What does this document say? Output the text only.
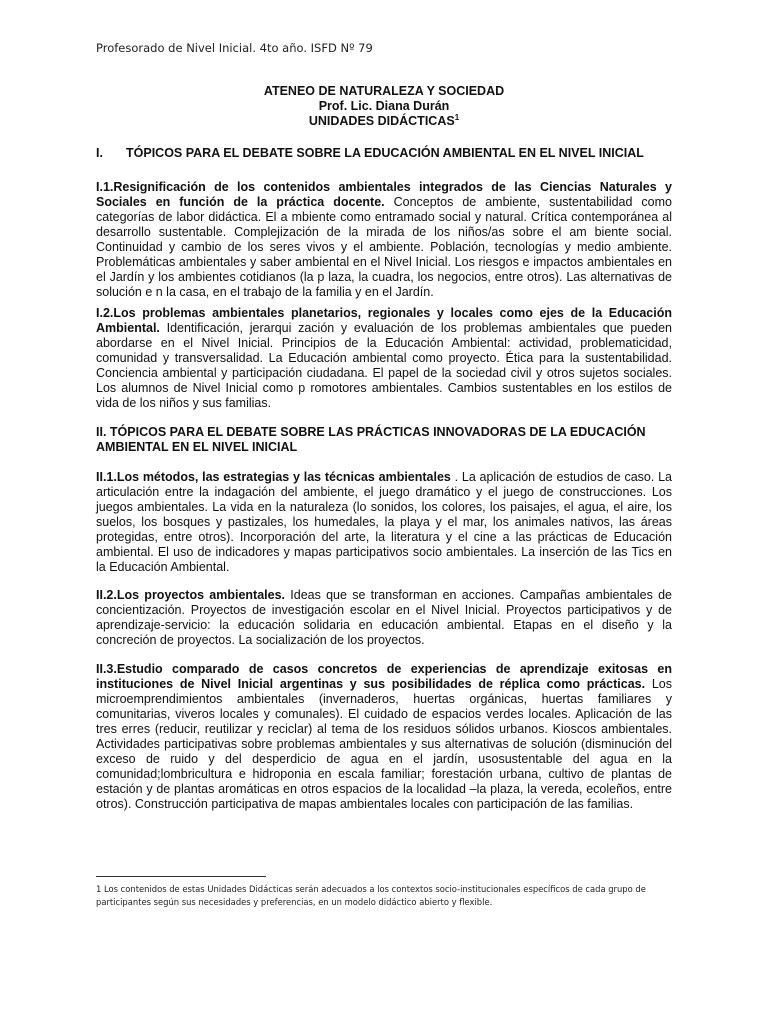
Profesorado de Nivel Inicial. 4to año. ISFD Nº 79
ATENEO DE NATURALEZA Y SOCIEDAD
Prof. Lic. Diana Durán
UNIDADES DIDÁCTICAS$^1$
I. TÓPICOS PARA EL DEBATE SOBRE LA EDUCACIÓN AMBIENTAL EN EL NIVEL INICIAL

I.1.Resignificación de los contenidos ambientales integrados de las Ciencias Naturales y Sociales en función de la práctica docente. Conceptos de ambiente, sustentabilidad como categorías de labor didáctica. El a mbiente como entramado social y natural. Crítica contemporánea al desarrollo sustentable. Complejización de la mirada de los niños/as sobre el am biente social. Continuidad y cambio de los seres vivos y el ambiente. Población, tecnologías y medio ambiente. Problemáticas ambientales y saber ambiental en el Nivel Inicial. Los riesgos e impactos ambientales en el Jardín y los ambientes cotidianos (la p laza, la cuadra, los negocios, entre otros). Las alternativas de solución e n la casa, en el trabajo de la familia y en el Jardín.

I.2.Los problemas ambientales planetarios, regionales y locales como ejes de la Educación Ambiental. Identificación, jerarqui zación y evaluación de los problemas ambientales que pueden abordarse en el Nivel Inicial. Principios de la Educación Ambiental: actividad, problematicidad, comunidad y transversalidad. La Educación ambiental como proyecto. Ética para la sustentabilidad. Conciencia ambiental y participación ciudadana. El papel de la sociedad civil y otros sujetos sociales. Los alumnos de Nivel Inicial como p romotores ambientales. Cambios sustentables en los estilos de vida de los niños y sus familias.

II. TÓPICOS PARA EL DEBATE SOBRE LAS PRÁCTICAS INNOVADORAS DE LA EDUCACIÓN AMBIENTAL EN EL NIVEL INICIAL

II.1.Los métodos, las estrategias y las técnicas ambientales . La aplicación de estudios de caso. La articulación entre la indagación del ambiente, el juego dramático y el juego de construcciones. Los juegos ambientales. La vida en la naturaleza (lo sonidos, los colores, los paisajes, el agua, el aire, los suelos, los bosques y pastizales, los humedales, la playa y el mar, los animales nativos, las áreas protegidas, entre otros). Incorporación del arte, la literatura y el cine a las prácticas de Educación ambiental. El uso de indicadores y mapas participativos socio ambientales. La inserción de las Tics en la Educación Ambiental.

II.2.Los proyectos ambientales. Ideas que se transforman en acciones. Campañas ambientales de concientización. Proyectos de investigación escolar en el Nivel Inicial. Proyectos participativos y de aprendizaje-servicio: la educación solidaria en educación ambiental. Etapas en el diseño y la concreción de proyectos. La socialización de los proyectos.

II.3.Estudio comparado de casos concretos de experiencias de aprendizaje exitosas en instituciones de Nivel Inicial argentinas y sus posibilidades de réplica como prácticas. Los microemprendimientos ambientales (invernaderos, huertas orgánicas, huertas familiares y comunitarias, viveros locales y comunales). El cuidado de espacios verdes locales. Aplicación de las tres erres (reducir, reutilizar y reciclar) al tema de los residuos sólidos urbanos. Kioscos ambientales. Actividades participativas sobre problemas ambientales y sus alternativas de solución (disminución del exceso de ruido y del desperdicio de agua en el jardín, usosustentable del agua en la comunidad;lombricultura e hidroponia en escala familiar; forestación urbana, cultivo de plantas de estación y de plantas aromáticas en otros espacios de la localidad –la plaza, la vereda, ecoleños, entre otros). Construcción participativa de mapas ambientales locales con participación de las familias.

1 Los contenidos de estas Unidades Didácticas serán adecuados a los contextos socio-institucionales específicos de cada grupo de participantes según sus necesidades y preferencias, en un modelo didáctico abierto y flexible.
